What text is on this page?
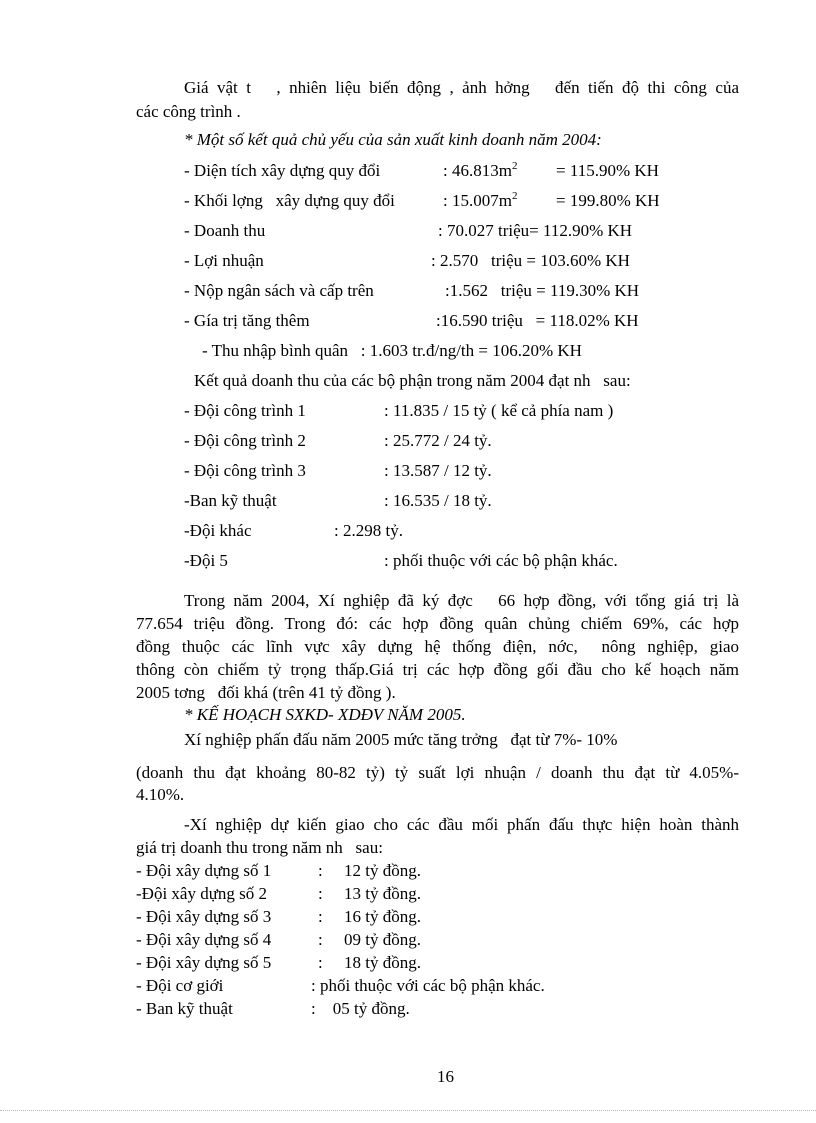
Giá vật t   , nhiên liệu biến động , ảnh hởng   đến tiến độ thi công của
các công trình .
* Một số kết quả chủ yếu của sản xuất kinh doanh năm 2004:
- Diện tích xây dựng quy đổi	: $46.813m^2 = 115.90\%$ KH
- Khối lợng   xây dựng quy đổi	: $15.007m^2 = 199.80\%$ KH
- Doanh thu	: 70.027 triệu= 112.90% KH
- Lợi nhuận	: 2.570   triệu = 103.60% KH
- Nộp ngân sách và cấp trên	:1.562   triệu = 119.30% KH
- Gía trị tăng thêm	:16.590 triệu   = 118.02% KH
- Thu nhập bình quân   : 1.603 tr.đ/ng/th = 106.20% KH
Kết quả doanh thu của các bộ phận trong năm 2004 đạt nh   sau:
- Đội công trình 1	: 11.835 / 15 tỷ ( kể cả phía nam )
- Đội công trình 2	: 25.772 / 24 tỷ.
- Đội công trình 3	: 13.587 / 12 tỷ.
-Ban kỹ thuật	: 16.535 / 18 tỷ.
-Đội khác	: 2.298 tỷ.
-Đội 5	: phối thuộc với các bộ phận khác.
Trong năm 2004, Xí nghiệp đã ký đợc   66 hợp đồng, với tổng giá trị là
77.654 triệu đồng. Trong đó: các hợp đồng quân chủng chiếm 69%, các hợp
đồng thuộc các lĩnh vực xây dựng hệ thống điện, nớc,  nông nghiệp, giao
thông còn chiếm tỷ trọng thấp.Giá trị các hợp đồng gối đầu cho kế hoạch năm
2005 tơng   đối khá (trên 41 tỷ đồng ).
* KẾ HOẠCH SXKD- XDĐV NĂM 2005.
Xí nghiệp phấn đấu năm 2005 mức tăng trởng   đạt từ 7%- 10%
(doanh thu đạt khoảng 80-82 tỷ) tỷ suất lợi nhuận / doanh thu đạt từ 4.05%-
4.10%.
-Xí nghiệp dự kiến giao cho các đầu mối phấn đấu thực hiện hoàn thành
giá trị doanh thu trong năm nh   sau:
- Đội xây dựng số 1	:     12 tỷ đồng.
-Đội xây dựng số 2	:     13 tỷ đồng.
- Đội xây dựng số 3	:     16 tỷ đồng.
- Đội xây dựng số 4	:     09 tỷ đồng.
- Đội xây dựng số 5	:     18 tỷ đồng.
- Đội cơ giới	: phối thuộc với các bộ phận khác.
- Ban kỹ thuật	:    05 tỷ đồng.
16
